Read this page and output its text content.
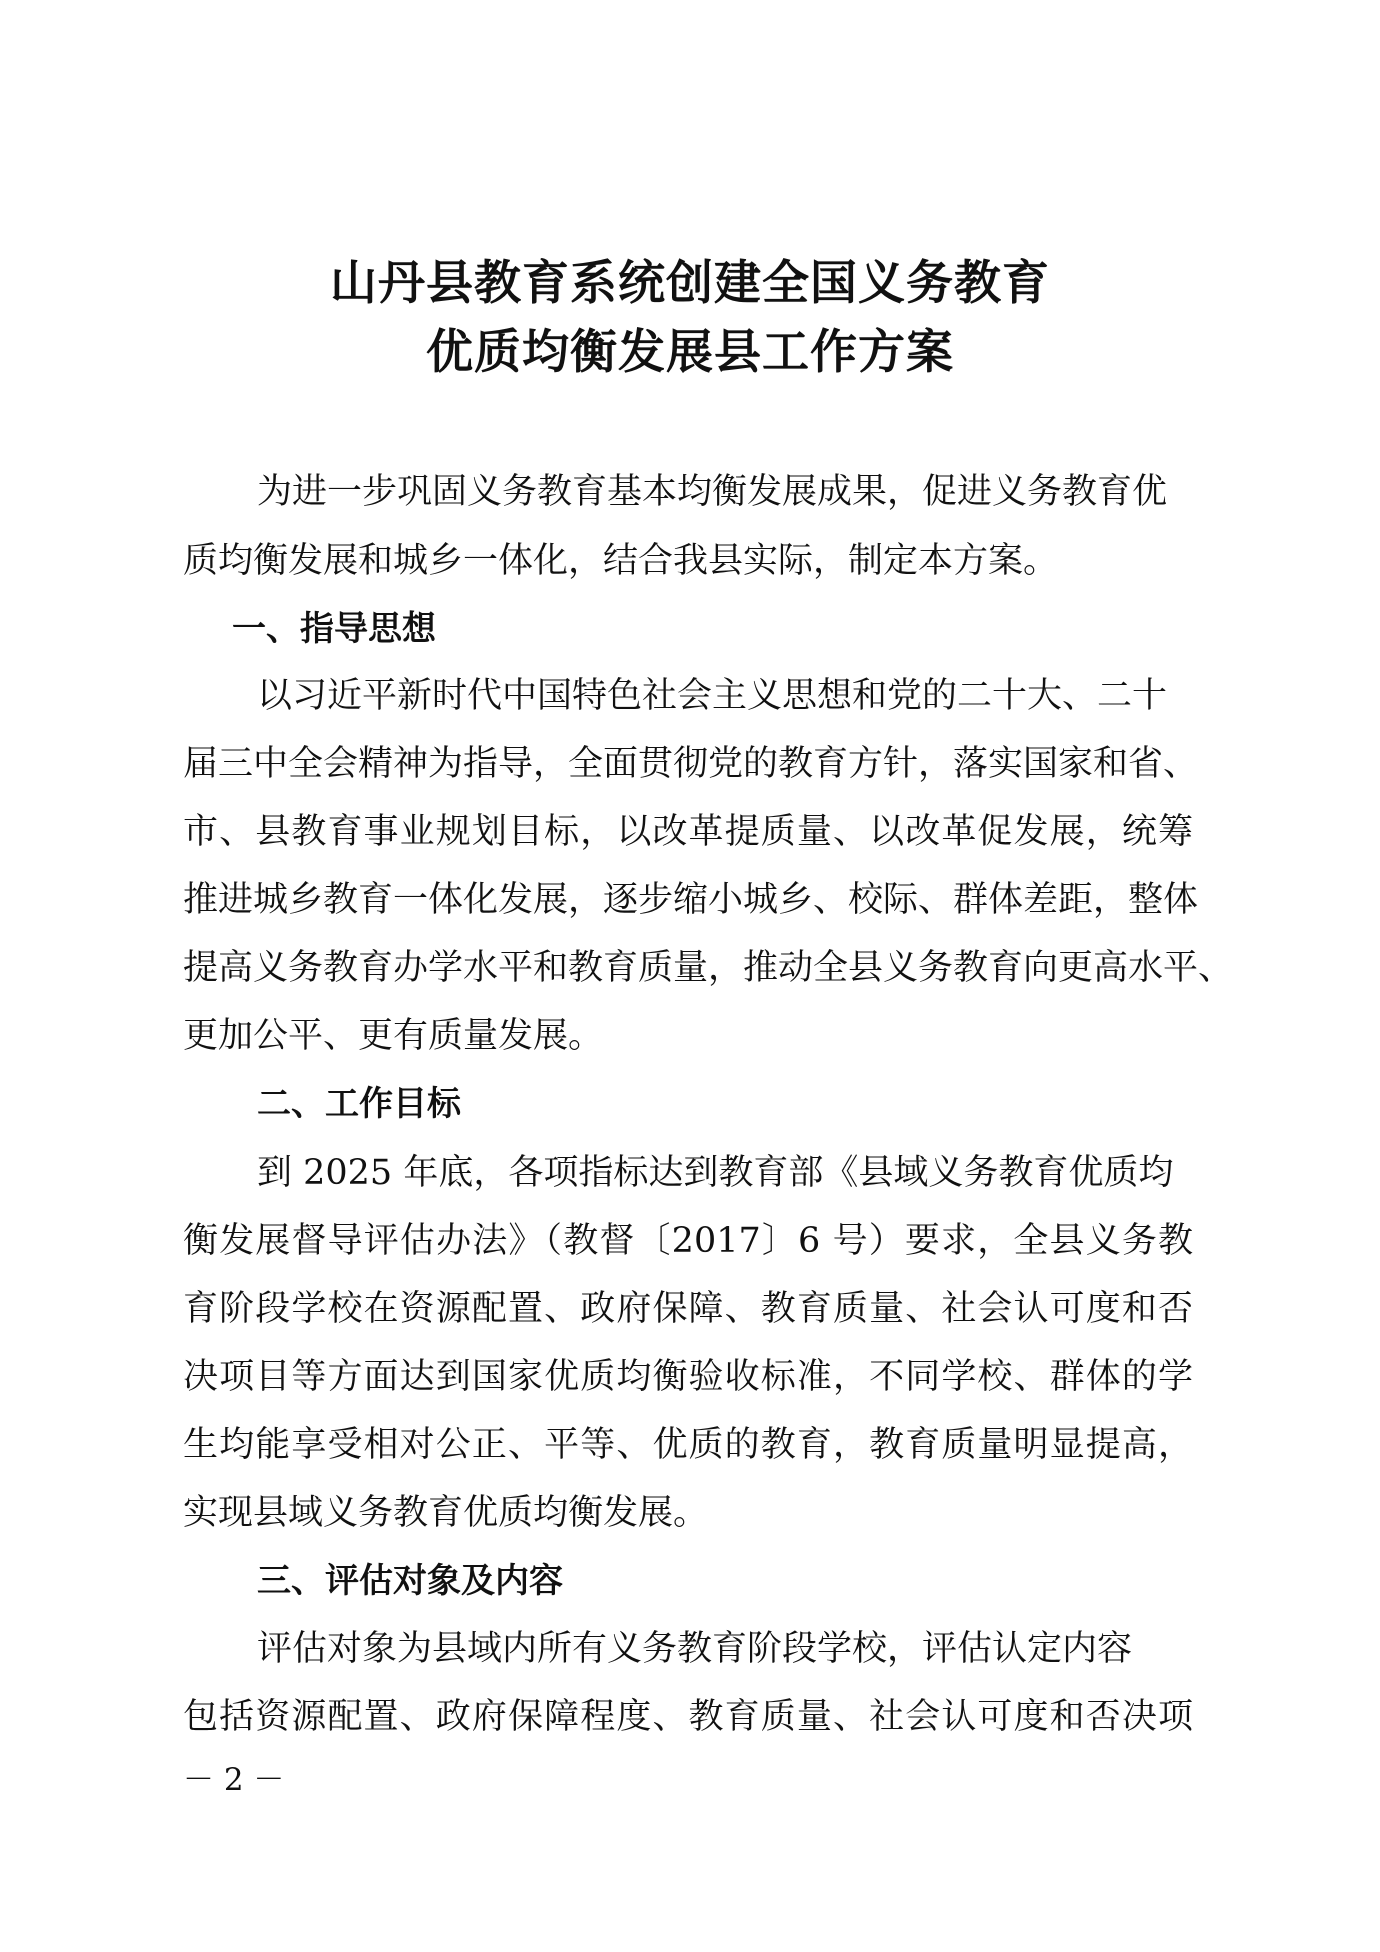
山丹县教育系统创建全国义务教育
优质均衡发展县工作方案
为进一步巩固义务教育基本均衡发展成果，促进义务教育优
质均衡发展和城乡一体化，结合我县实际，制定本方案。
一、指导思想
以习近平新时代中国特色社会主义思想和党的二十大、二十
届三中全会精神为指导，全面贯彻党的教育方针，落实国家和省、
市、县教育事业规划目标，以改革提质量、以改革促发展，统筹
推进城乡教育一体化发展，逐步缩小城乡、校际、群体差距，整体
提高义务教育办学水平和教育质量，推动全县义务教育向更高水平、
更加公平、更有质量发展。
二、工作目标
到 2025 年底，各项指标达到教育部《县域义务教育优质均
衡发展督导评估办法》（教督〔2017〕6 号）要求，全县义务教
育阶段学校在资源配置、政府保障、教育质量、社会认可度和否
决项目等方面达到国家优质均衡验收标准，不同学校、群体的学
生均能享受相对公正、平等、优质的教育，教育质量明显提高，
实现县域义务教育优质均衡发展。
三、评估对象及内容
评估对象为县域内所有义务教育阶段学校，评估认定内容
包括资源配置、政府保障程度、教育质量、社会认可度和否决项
－ 2 －
